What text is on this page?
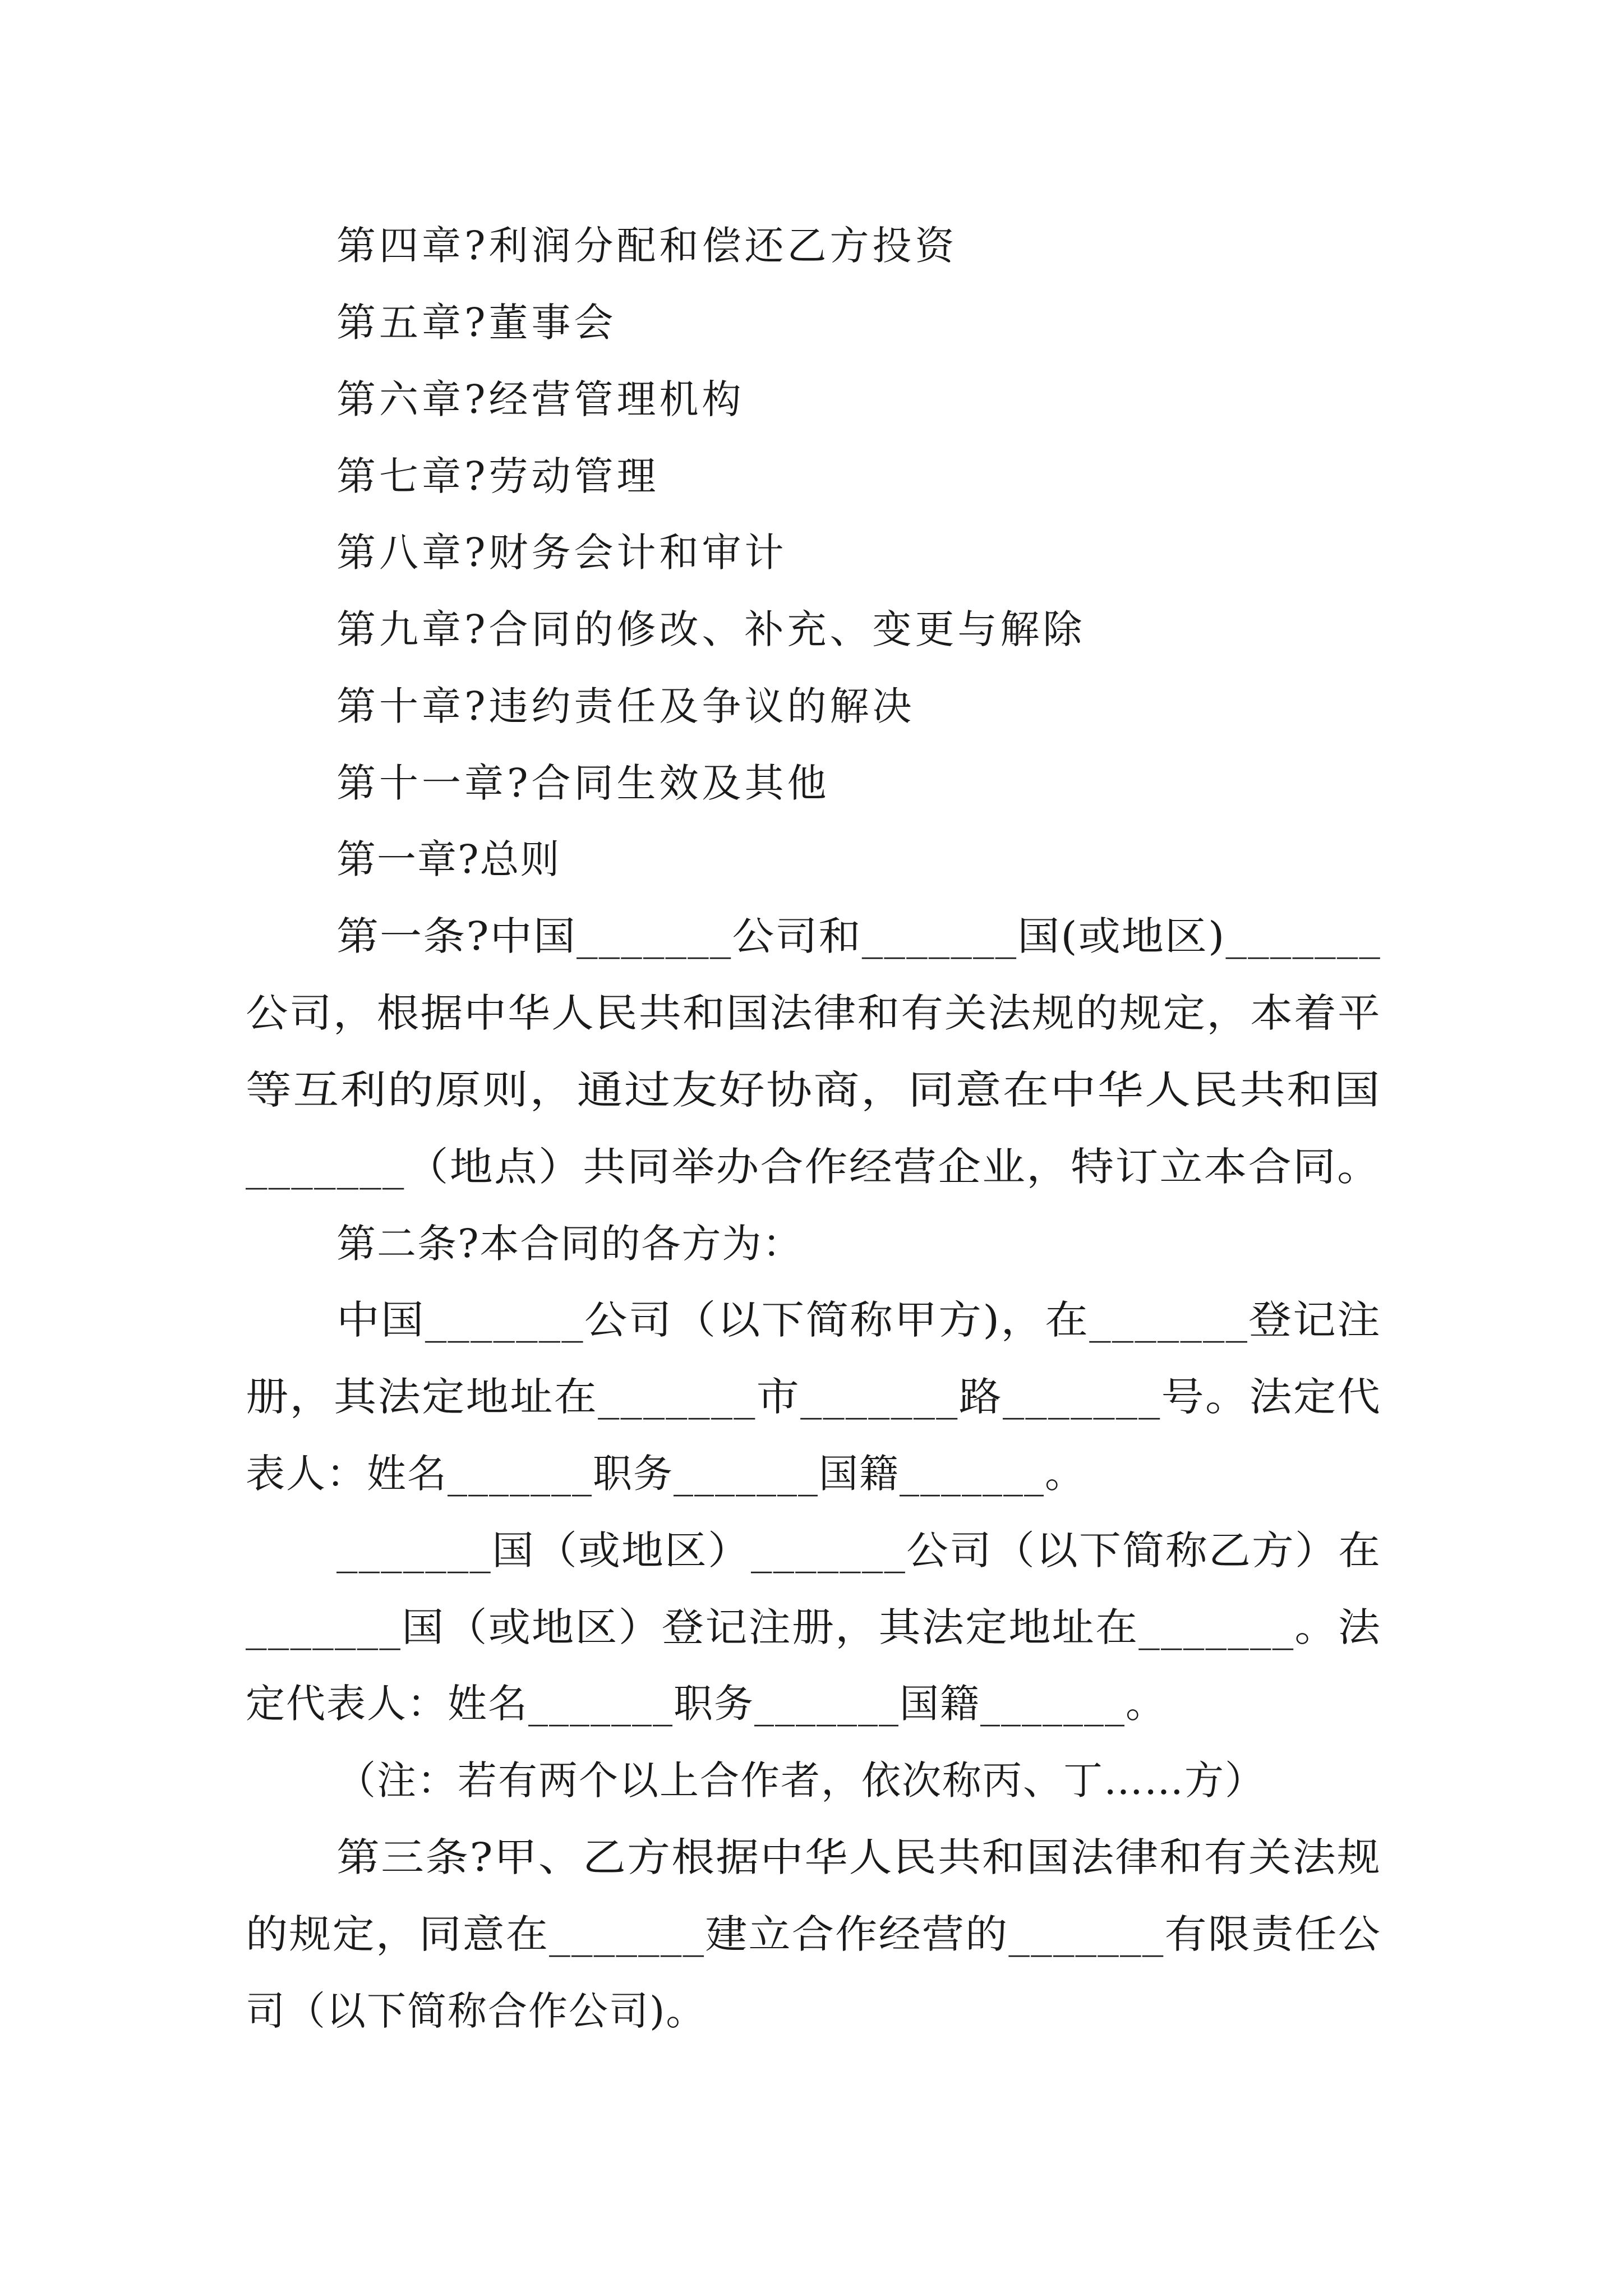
第四章?利润分配和偿还乙方投资
第五章?董事会
第六章?经营管理机构
第七章?劳动管理
第八章?财务会计和审计
第九章?合同的修改、补充、变更与解除
第十章?违约责任及争议的解决
第十一章?合同生效及其他
第一章?总则
第一条?中国_______公司和_______国(或地区)_______
公司，根据中华人民共和国法律和有关法规的规定，本着平
等互利的原则，通过友好协商，同意在中华人民共和国
_______（地点）共同举办合作经营企业，特订立本合同。
第二条?本合同的各方为：
中国_______公司（以下简称甲方)，在_______登记注
册，其法定地址在_______市_______路_______号。法定代
表人：姓名_______职务_______国籍_______。
_______国（或地区）_______公司（以下简称乙方）在
_______国（或地区）登记注册，其法定地址在_______。法
定代表人：姓名_______职务_______国籍_______。
（注：若有两个以上合作者，依次称丙、丁……方）
第三条?甲、乙方根据中华人民共和国法律和有关法规
的规定，同意在_______建立合作经营的_______有限责任公
司（以下简称合作公司)。
